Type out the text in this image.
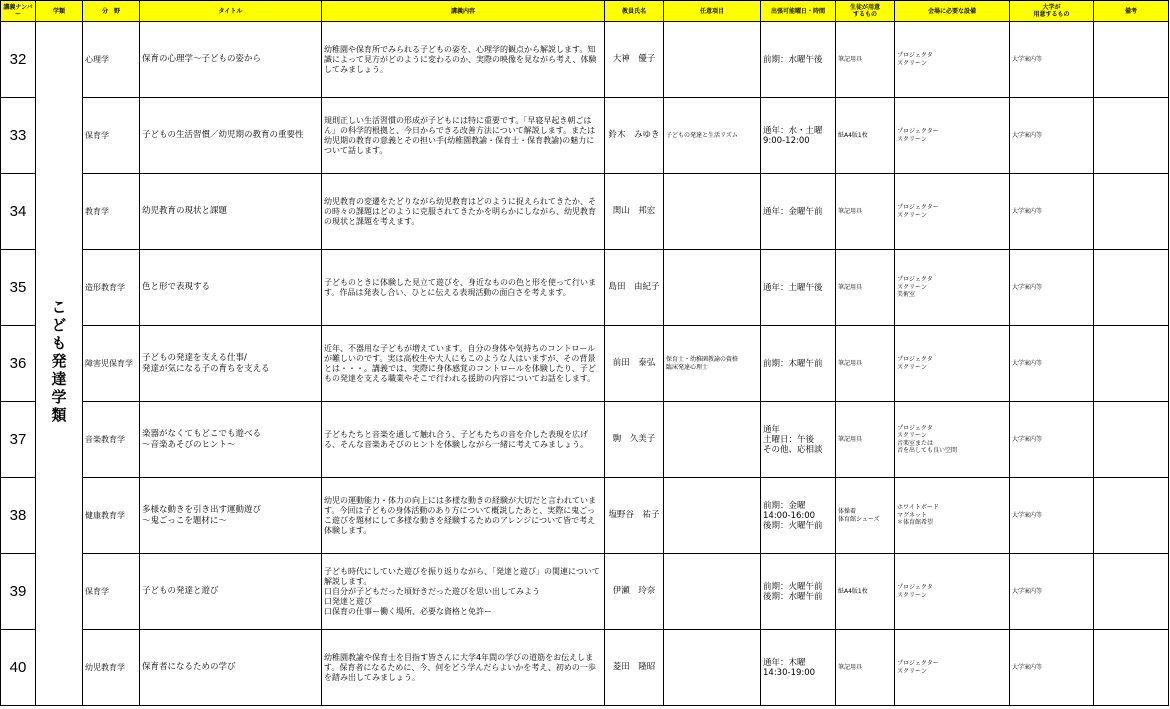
講義ナンバー	学類	分　野	タイトル	講義内容	教員氏名	任意項目	出張可能曜日・時間	生徒が用意
するもの	会場に必要な設備	大学が
用意するもの	備考

32	こども発達学類	心理学	保育の心理学～子どもの姿から	幼稚園や保育所でみられる子どもの姿を、心理学的観点から解説します。知識によって見方がどのように変わるのか、実際の映像を見ながら考え、体験してみましょう。	大神　優子		前期：水曜午後	筆記用具	プロジェクタ
スクリーン	大学案内等	

33		保育学	子どもの生活習慣／幼児期の教育の重要性	規則正しい生活習慣の形成が子どもには特に重要です。「早寝早起き朝ごはん」の科学的根拠と、今日からできる改善方法について解説します。または幼児期の教育の意義とその担い手(幼稚園教諭・保育士・保育教諭)の魅力について話します。	鈴木　みゆき	子どもの発達と生活リズム	通年：水・土曜
9:00-12:00	紙A4版1枚	プロジェクター
スクリーン	大学案内等	

34		教育学	幼児教育の現状と課題	幼児教育の変遷をたどりながら幼児教育はどのように捉えられてきたか、その時々の課題はどのように克服されてきたかを明らかにしながら、幼児教育の現状と課題を考えます。	関山　邦宏		通年：金曜午前	筆記用具	プロジェクター
スクリーン	大学案内等	

35		造形教育学	色と形で表現する	子どものときに体験した見立て遊びを、身近なものの色と形を使って行います。作品は発表し合い、ひとに伝える表現活動の面白さを考えます。	島田　由紀子		通年：土曜午後	筆記用具	プロジェクタ
スクリーン
美術室	大学案内等	

36		障害児保育学	子どもの発達を支える仕事/
発達が気になる子の育ちを支える	近年、不器用な子どもが増えています。自分の身体や気持ちのコントロールが難しいのです。実は高校生や大人にもこのような人はいますが、その背景とは・・・。講義では、実際に身体感覚のコントロールを体験したり、子どもの発達を支える職業やそこで行われる援助の内容についてお話をします。	前田　泰弘	保育士・幼稚園教諭の資格
臨床発達心理士	前期：木曜午前	筆記用具	プロジェクタ
スクリーン	大学案内等	

37		音楽教育学	楽器がなくてもどこでも遊べる
～音楽あそびのヒント～	子どもたちと音楽を通して触れ合う、子どもたちの音を介した表現を広げる、そんな音楽あそびのヒントを体験しながら一緒に考えてみましょう。	駒　久美子		通年
土曜日：午後
その他、応相談	筆記用具	プロジェクタ
スクリーン
音楽室または
音を出しても良い空間	大学案内等	

38		健康教育学	多様な動きを引き出す運動遊び
～鬼ごっこを題材に～	幼児の運動能力・体力の向上には多様な動きの経験が大切だと言われています。今回は子どもの身体活動のあり方について概説したあと、実際に鬼ごっこ遊びを題材にして多様な動きを経験するためのアレンジについて皆で考え体験します。	塩野谷　祐子		前期：金曜
14:00-16:00
後期：火曜午前	体操着
体育館シューズ	ホワイトボード
マグネット
＊体育館希望	大学案内等	

39		保育学	子どもの発達と遊び	子ども時代にしていた遊びを振り返りながら、「発達と遊び」の関連について解説します。
口自分が子どもだった頃好きだった遊びを思い出してみよう
口発達と遊び
口保育の仕事ー働く場所、必要な資格と免許ー	伊瀬　玲奈		前期：火曜午前
後期：水曜午前	紙A4版1枚	プロジェクタ
スクリーン	大学案内等	

40		幼児教育学	保育者になるための学び	幼稚園教諭や保育士を目指す皆さんに大学4年間の学びの道筋をお伝えします。保育者になるために、今、何をどう学んだらよいかを考え、初めの一歩を踏み出してみましょう。	菱田　隆昭		通年：木曜
14:30-19:00	筆記用具	プロジェクター
スクリーン	大学案内等	
